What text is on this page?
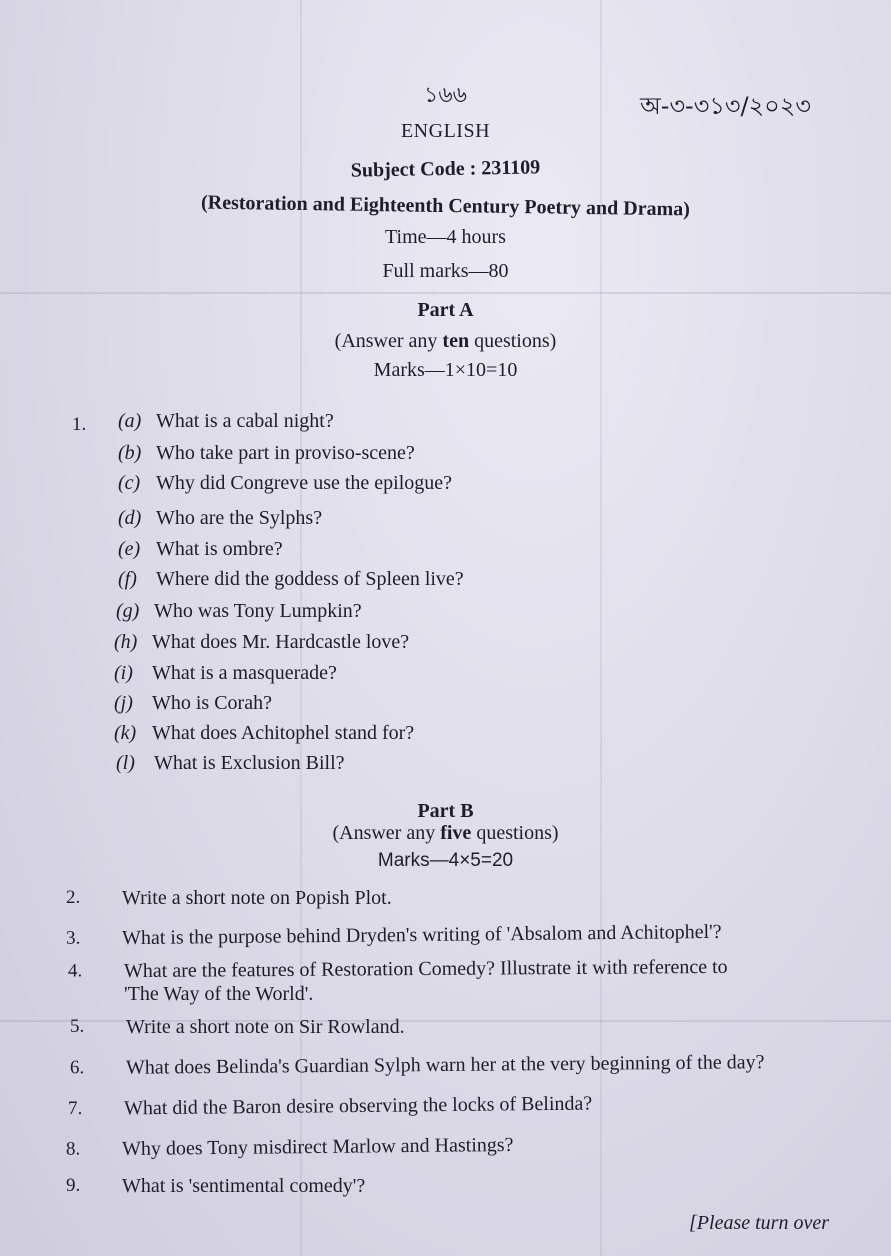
১৬৬	অ-৩-৩১৩/২০২৩
ENGLISH
Subject Code : 231109
(Restoration and Eighteenth Century Poetry and Drama)
Time—4 hours
Full marks—80
Part A
(Answer any ten questions)
Marks—1×10=10
1. (a) What is a cabal night?
(b) Who take part in proviso-scene?
(c) Why did Congreve use the epilogue?
(d) Who are the Sylphs?
(e) What is ombre?
(f) Where did the goddess of Spleen live?
(g) Who was Tony Lumpkin?
(h) What does Mr. Hardcastle love?
(i) What is a masquerade?
(j) Who is Corah?
(k) What does Achitophel stand for?
(l) What is Exclusion Bill?
Part B
(Answer any five questions)
Marks—4×5=20
2. Write a short note on Popish Plot.
3. What is the purpose behind Dryden's writing of 'Absalom and Achitophel'?
4. What are the features of Restoration Comedy? Illustrate it with reference to
'The Way of the World'.
5. Write a short note on Sir Rowland.
6. What does Belinda's Guardian Sylph warn her at the very beginning of the day?
7. What did the Baron desire observing the locks of Belinda?
8. Why does Tony misdirect Marlow and Hastings?
9. What is 'sentimental comedy'?
[Please turn over
